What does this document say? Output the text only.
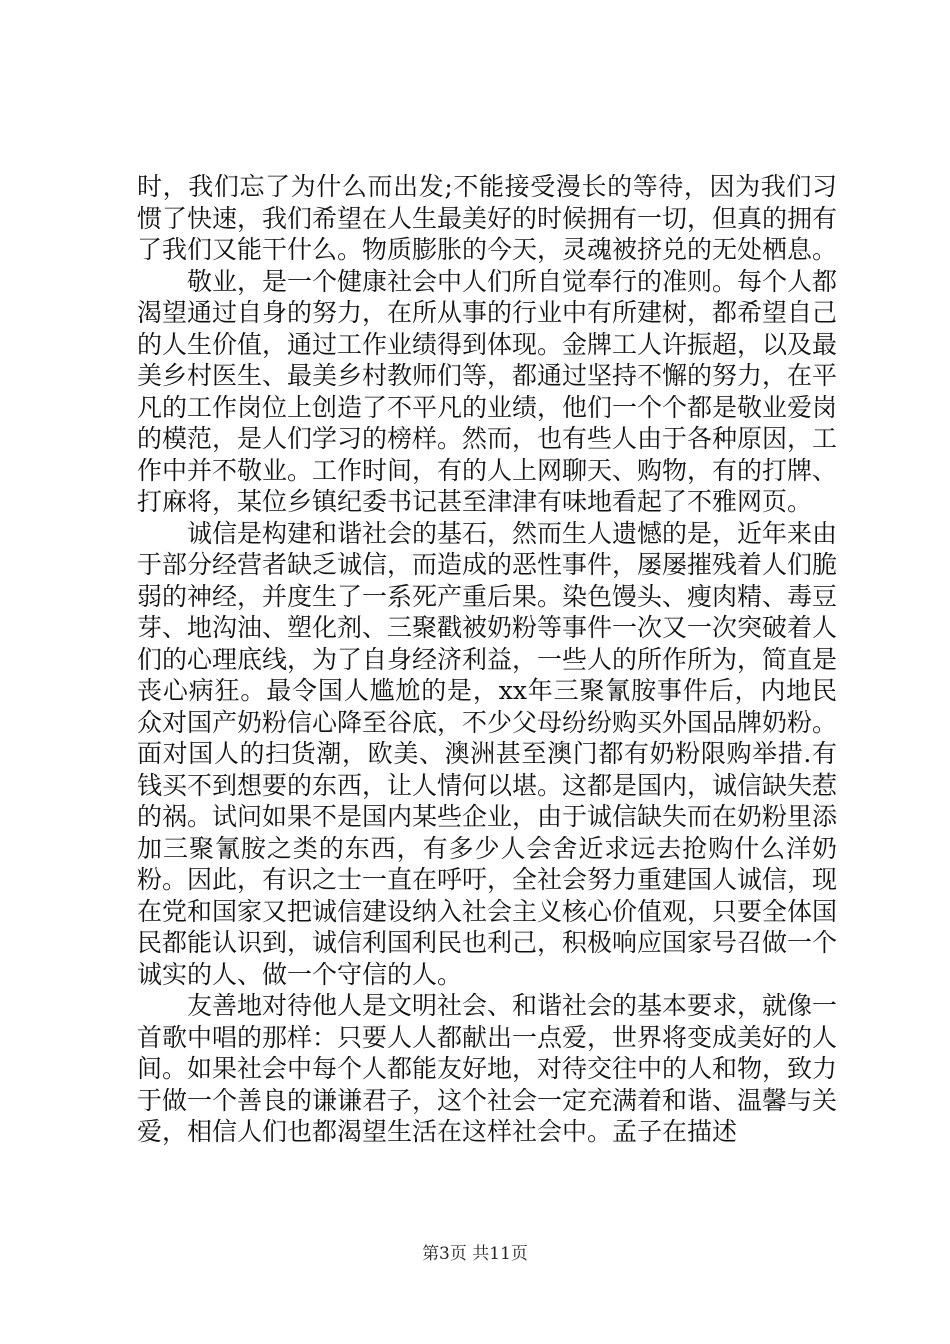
时，我们忘了为什么而出发;不能接受漫长的等待，因为我们习惯了快速，我们希望在人生最美好的时候拥有一切，但真的拥有了我们又能干什么。物质膨胀的今天，灵魂被挤兑的无处栖息。

敬业，是一个健康社会中人们所自觉奉行的准则。每个人都渴望通过自身的努力，在所从事的行业中有所建树，都希望自己的人生价值，通过工作业绩得到体现。金牌工人许振超，以及最美乡村医生、最美乡村教师们等，都通过坚持不懈的努力，在平凡的工作岗位上创造了不平凡的业绩，他们一个个都是敬业爱岗的模范，是人们学习的榜样。然而，也有些人由于各种原因，工作中并不敬业。工作时间，有的人上网聊天、购物，有的打牌、打麻将，某位乡镇纪委书记甚至津津有味地看起了不雅网页。

诚信是构建和谐社会的基石，然而生人遗憾的是，近年来由于部分经营者缺乏诚信，而造成的恶性事件，屡屡摧残着人们脆弱的神经，并度生了一系死产重后果。染色馒头、瘦肉精、毒豆芽、地沟油、塑化剂、三聚戳被奶粉等事件一次又一次突破着人们的心理底线，为了自身经济利益，一些人的所作所为，简直是丧心病狂。最令国人尴尬的是，xx年三聚氰胺事件后，内地民众对国产奶粉信心降至谷底，不少父母纷纷购买外国品牌奶粉。面对国人的扫货潮，欧美、澳洲甚至澳门都有奶粉限购举措.有钱买不到想要的东西，让人情何以堪。这都是国内，诚信缺失惹的祸。试问如果不是国内某些企业，由于诚信缺失而在奶粉里添加三聚氰胺之类的东西，有多少人会舍近求远去抢购什么洋奶粉。因此，有识之士一直在呼吁，全社会努力重建国人诚信，现在党和国家又把诚信建设纳入社会主义核心价值观，只要全体国民都能认识到，诚信利国利民也利己，积极响应国家号召做一个诚实的人、做一个守信的人。

友善地对待他人是文明社会、和谐社会的基本要求，就像一首歌中唱的那样：只要人人都献出一点爱，世界将变成美好的人间。如果社会中每个人都能友好地，对待交往中的人和物，致力于做一个善良的谦谦君子，这个社会一定充满着和谐、温馨与关爱，相信人们也都渴望生活在这样社会中。孟子在描述

第3页 共11页
